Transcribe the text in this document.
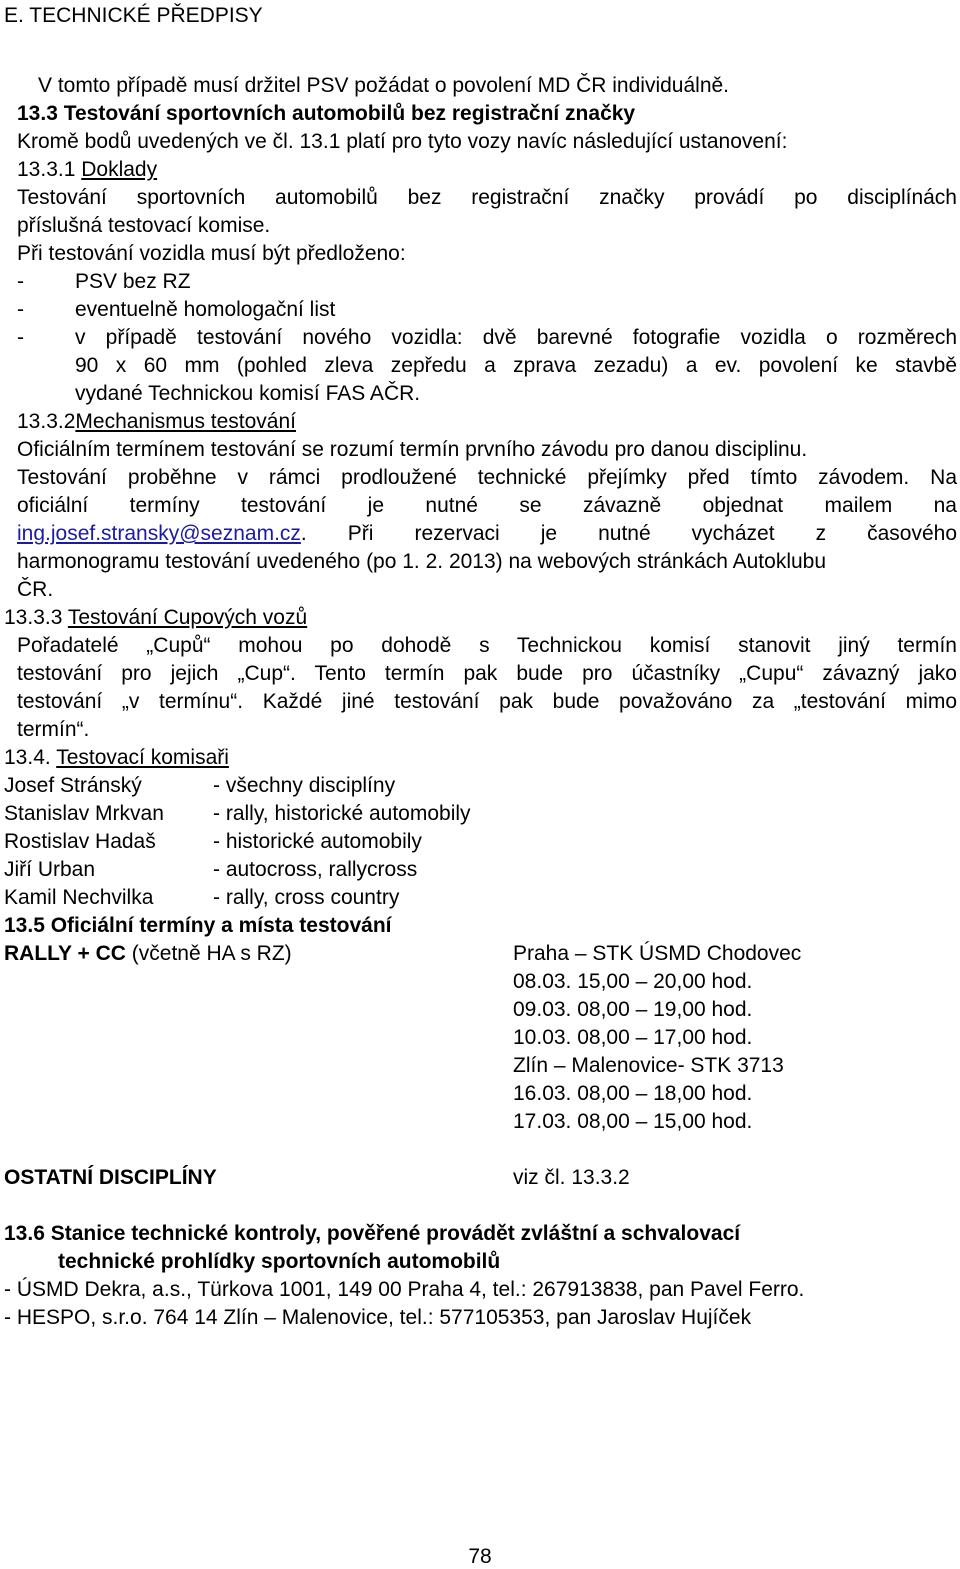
E. TECHNICKÉ PŘEDPISY
V tomto případě musí držitel PSV požádat o povolení MD ČR individuálně.
13.3 Testování sportovních automobilů bez registrační značky
Kromě bodů uvedených ve čl. 13.1 platí pro tyto vozy navíc následující ustanovení:
13.3.1 Doklady
Testování sportovních automobilů bez registrační značky provádí po disciplínách
příslušná testovací komise.
Při testování vozidla musí být předloženo:
- PSV bez RZ
- eventuelně homologační list
- v případě testování nového vozidla: dvě barevné fotografie vozidla o rozměrech
90 x 60 mm (pohled zleva zepředu a zprava zezadu) a ev. povolení ke stavbě
vydané Technickou komisí FAS AČR.
13.3.2Mechanismus testování
Oficiálním termínem testování se rozumí termín prvního závodu pro danou disciplinu.
Testování proběhne v rámci prodloužené technické přejímky před tímto závodem. Na
oficiální termíny testování je nutné se závazně objednat mailem na
ing.josef.stransky@seznam.cz . Při rezervaci je nutné vycházet z časového
harmonogramu testování uvedeného (po 1. 2. 2013) na webových stránkách Autoklubu
ČR.
13.3.3 Testování Cupových vozů
Pořadatelé „Cupů“ mohou po dohodě s Technickou komisí stanovit jiný termín
testování pro jejich „Cup“. Tento termín pak bude pro účastníky „Cupu“ závazný jako
testování „v termínu“. Každé jiné testování pak bude považováno za „testování mimo
termín“.
13.4. Testovací komisaři
Josef Stránský	- všechny disciplíny
Stanislav Mrkvan - rally, historické automobily
Rostislav Hadaš	- historické automobily
Jiří Urban	- autocross, rallycross
Kamil Nechvilka	- rally, cross country
13.5 Oficiální termíny a místa testování
RALLY + CC (včetně HA s RZ)	Praha – STK ÚSMD Chodovec
08.03. 15,00 – 20,00 hod.
09.03. 08,00 – 19,00 hod.
10.03. 08,00 – 17,00 hod.
Zlín – Malenovice- STK 3713
16.03. 08,00 – 18,00 hod.
17.03. 08,00 – 15,00 hod.
OSTATNÍ DISCIPLÍNY	viz čl. 13.3.2
13.6 Stanice technické kontroly, pověřené provádět zvláštní a schvalovací
technické prohlídky sportovních automobilů
- ÚSMD Dekra, a.s., Türkova 1001, 149 00 Praha 4, tel.: 267913838, pan Pavel Ferro.
- HESPO, s.r.o. 764 14 Zlín – Malenovice, tel.: 577105353, pan Jaroslav Hujíček
78
